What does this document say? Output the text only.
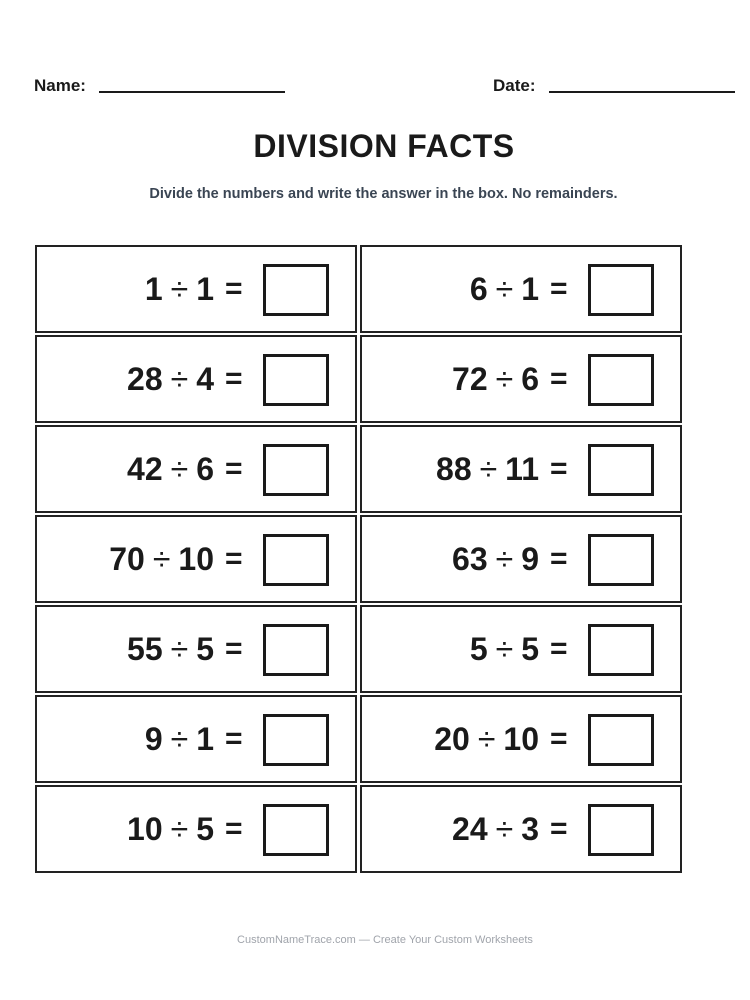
Name:	Date:
DIVISION FACTS
Divide the numbers and write the answer in the box. No remainders.
1 ÷ 1 =	6 ÷ 1 =
28 ÷ 4 =	72 ÷ 6 =
42 ÷ 6 =	88 ÷ 11 =
70 ÷ 10 =	63 ÷ 9 =
55 ÷ 5 =	5 ÷ 5 =
9 ÷ 1 =	20 ÷ 10 =
10 ÷ 5 =	24 ÷ 3 =
CustomNameTrace.com — Create Your Custom Worksheets
